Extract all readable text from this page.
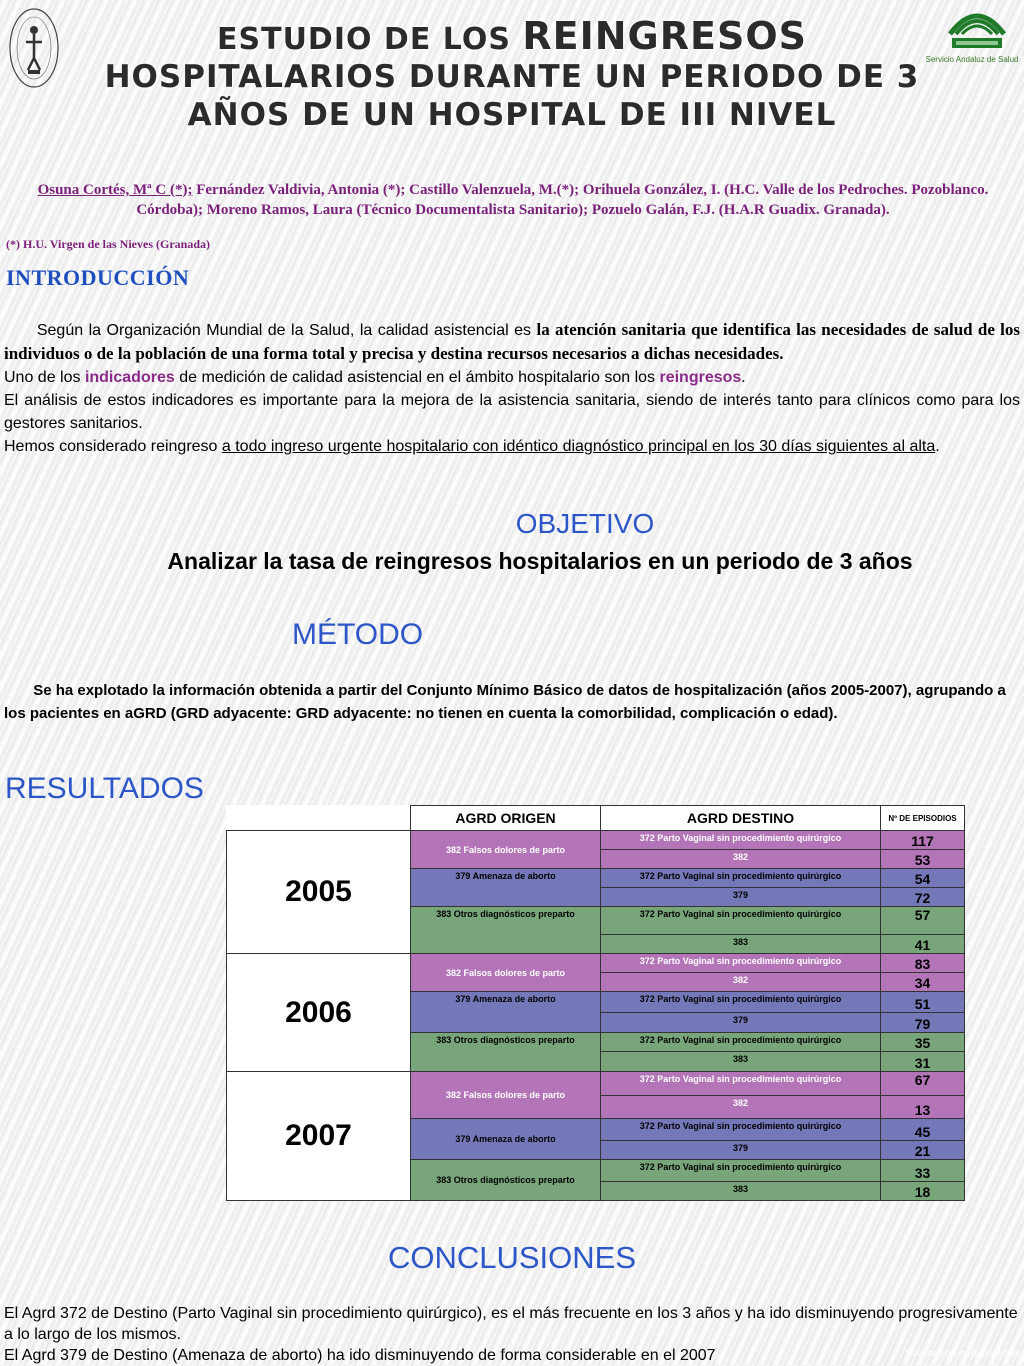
Servicio Andaluz de Salud
ESTUDIO DE LOS REINGRESOS
HOSPITALARIOS DURANTE UN PERIODO DE 3
AÑOS DE UN HOSPITAL DE III NIVEL
Osuna Cortés, Mª C (*); Fernández Valdivia, Antonia (*); Castillo Valenzuela, M.(*); Orihuela González, I. (H.C. Valle de los Pedroches. Pozoblanco. Córdoba); Moreno Ramos, Laura (Técnico Documentalista Sanitario); Pozuelo Galán, F.J. (H.A.R Guadix. Granada).
(*) H.U. Virgen de las Nieves (Granada)
INTRODUCCIÓN

Según la Organización Mundial de la Salud, la calidad asistencial es la atención sanitaria que identifica las necesidades de salud de los individuos o de la población de una forma total y precisa y destina recursos necesarios a dichas necesidades.

Uno de los indicadores de medición de calidad asistencial en el ámbito hospitalario son los reingresos.

El análisis de estos indicadores es importante para la mejora de la asistencia sanitaria, siendo de interés tanto para clínicos como para los gestores sanitarios.

Hemos considerado reingreso a todo ingreso urgente hospitalario con idéntico diagnóstico principal en los 30 días siguientes al alta.

OBJETIVO
Analizar la tasa de reingresos hospitalarios en un periodo de 3 años
MÉTODO
Se ha explotado la información obtenida a partir del Conjunto Mínimo Básico de datos de hospitalización (años 2005-2007), agrupando a los pacientes en aGRD (GRD adyacente: GRD adyacente: no tienen en cuenta la comorbilidad, complicación o edad).
RESULTADOS
	AGRD ORIGEN	AGRD DESTINO	Nº DE EPISODIOS
2005	382 Falsos dolores de parto	372 Parto Vaginal sin procedimiento quirúrgico	117
		382	53
	379 Amenaza de aborto	372 Parto Vaginal sin procedimiento quirúrgico	54
		379	72
	383 Otros diagnósticos preparto	372 Parto Vaginal sin procedimiento quirúrgico	57
		383	41
2006	382 Falsos dolores de parto	372 Parto Vaginal sin procedimiento quirúrgico	83
		382	34
	379 Amenaza de aborto	372 Parto Vaginal sin procedimiento quirúrgico	51
		379	79
	383 Otros diagnósticos preparto	372 Parto Vaginal sin procedimiento quirúrgico	35
		383	31
2007	382 Falsos dolores de parto	372 Parto Vaginal sin procedimiento quirúrgico	67
		382	13
	379 Amenaza de aborto	372 Parto Vaginal sin procedimiento quirúrgico	45
		379	21
	383 Otros diagnósticos preparto	372 Parto Vaginal sin procedimiento quirúrgico	33
		383	18
CONCLUSIONES

El Agrd 372 de Destino (Parto Vaginal sin procedimiento quirúrgico), es el más frecuente en los 3 años y ha ido disminuyendo progresivamente a lo largo de los mismos.

El Agrd 379 de Destino (Amenaza de aborto) ha ido disminuyendo de forma considerable en el 2007	Mcarmen.osuna@gmail.com
